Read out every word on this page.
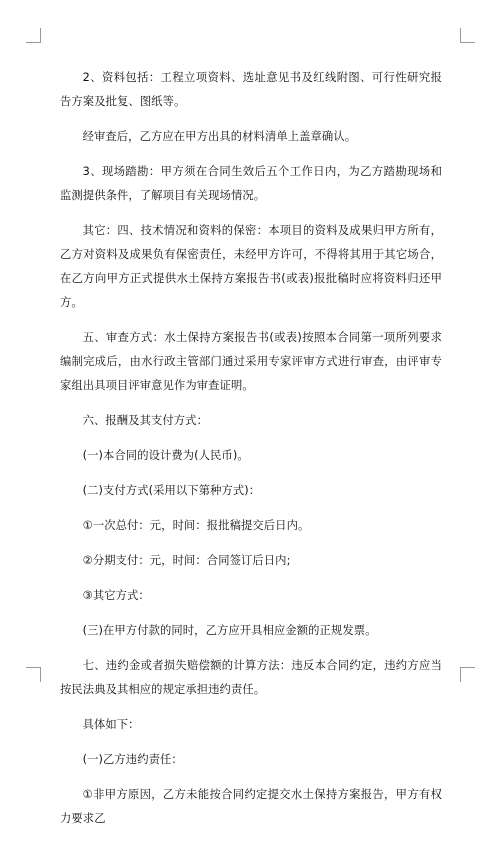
2、资料包括：工程立项资料、选址意见书及红线附图、可行性研究报告方案及批复、图纸等。

经审查后，乙方应在甲方出具的材料清单上盖章确认。

3、现场踏勘：甲方须在合同生效后五个工作日内，为乙方踏勘现场和监测提供条件，了解项目有关现场情况。

其它：四、技术情况和资料的保密：本项目的资料及成果归甲方所有，乙方对资料及成果负有保密责任，未经甲方许可，不得将其用于其它场合，在乙方向甲方正式提供水土保持方案报告书(或表)报批稿时应将资料归还甲方。

五、审查方式：水土保持方案报告书(或表)按照本合同第一项所列要求编制完成后，由水行政主管部门通过采用专家评审方式进行审查，由评审专家组出具项目评审意见作为审查证明。

六、报酬及其支付方式：

(一)本合同的设计费为(人民币)。

(二)支付方式(采用以下第种方式)：

①一次总付：元，时间：报批稿提交后日内。

②分期支付：元，时间：合同签订后日内;

③其它方式：

(三)在甲方付款的同时，乙方应开具相应金额的正规发票。

七、违约金或者损失赔偿额的计算方法：违反本合同约定，违约方应当按民法典及其相应的规定承担违约责任。

具体如下：

(一)乙方违约责任：

①非甲方原因，乙方未能按合同约定提交水土保持方案报告，甲方有权力要求乙
